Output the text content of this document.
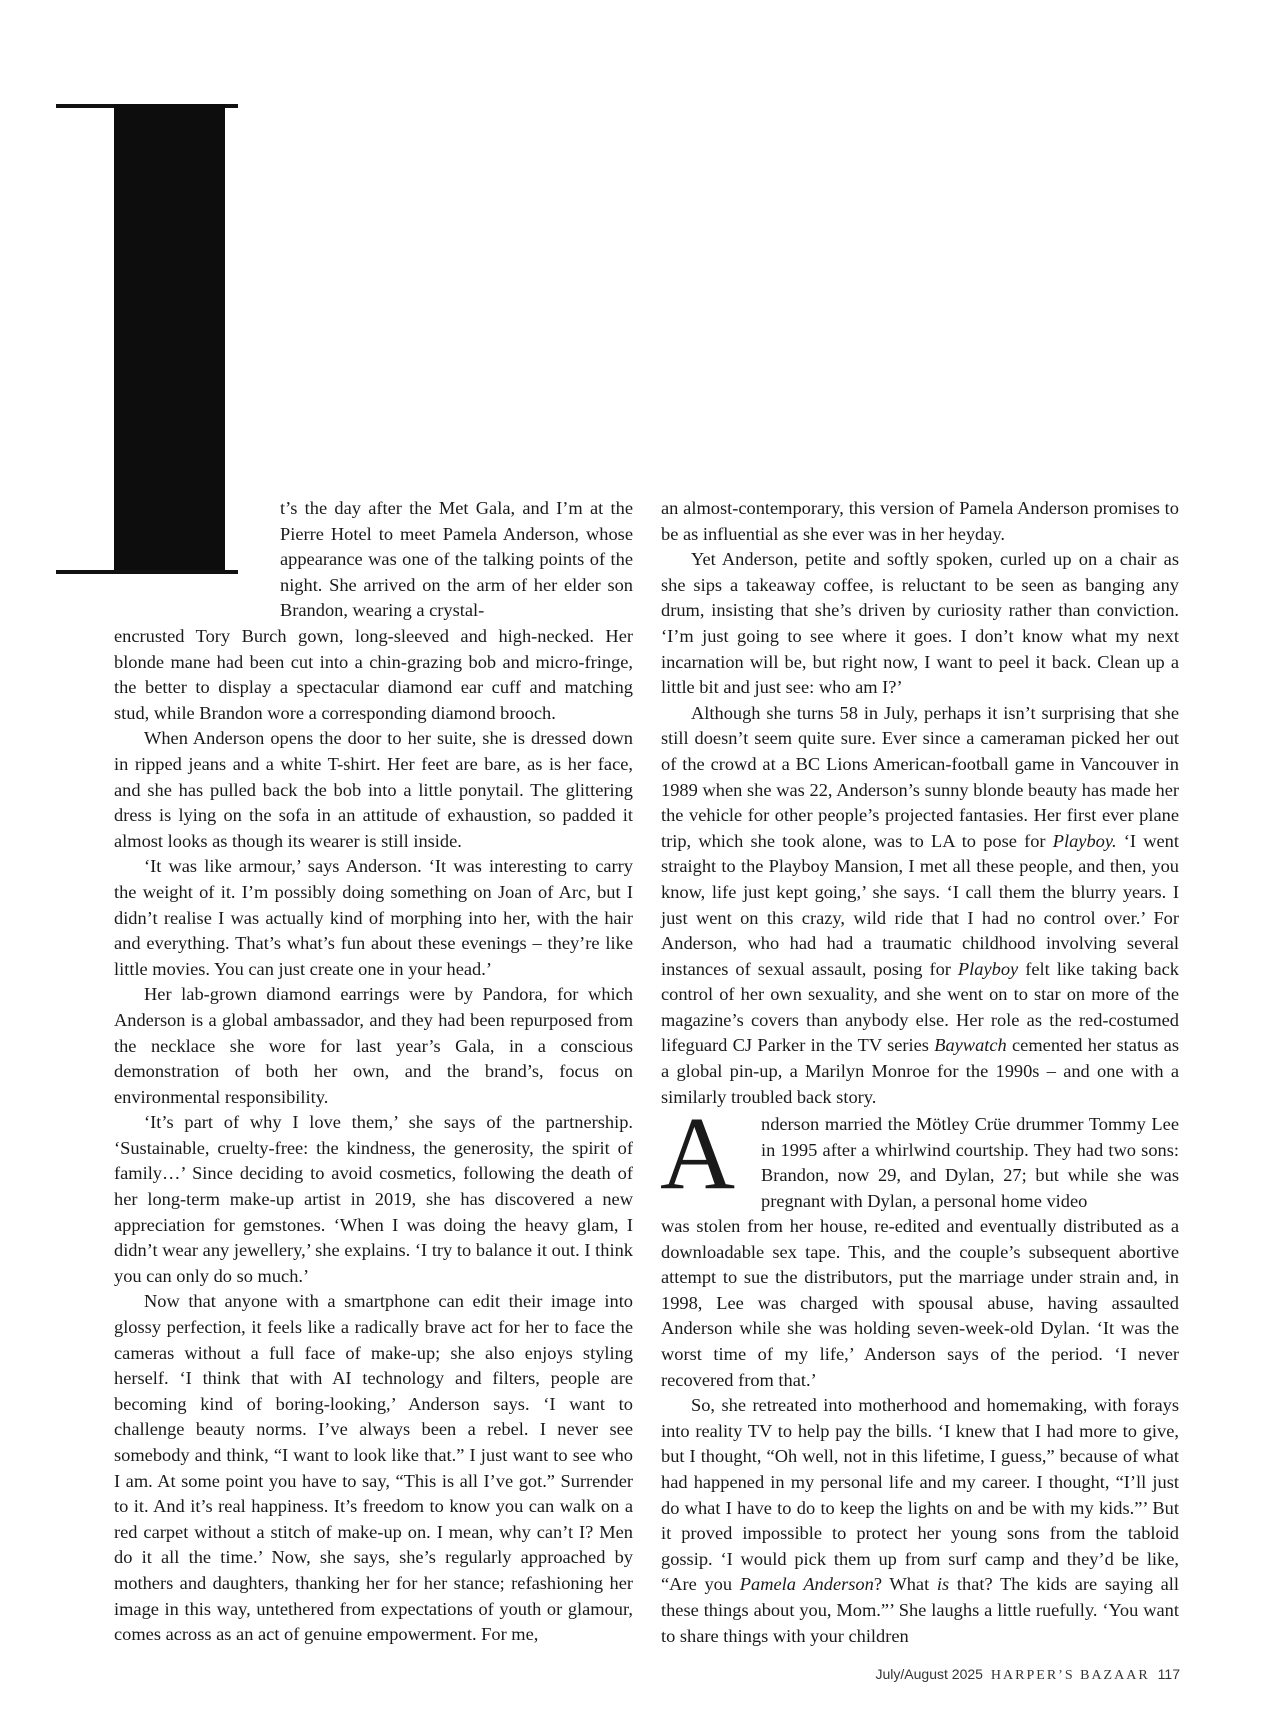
t’s the day after the Met Gala, and I’m at the Pierre Hotel to meet Pamela Anderson, whose appearance was one of the talking points of the night. She arrived on the arm of her elder son Brandon, wearing a crystal-

encrusted Tory Burch gown, long-sleeved and high-necked. Her blonde mane had been cut into a chin-grazing bob and micro-fringe, the better to display a spectacular diamond ear cuff and matching stud, while Brandon wore a corresponding diamond brooch.

When Anderson opens the door to her suite, she is dressed down in ripped jeans and a white T-shirt. Her feet are bare, as is her face, and she has pulled back the bob into a little ponytail. The glittering dress is lying on the sofa in an attitude of exhaustion, so padded it almost looks as though its wearer is still inside.

‘It was like armour,’ says Anderson. ‘It was interesting to carry the weight of it. I’m possibly doing something on Joan of Arc, but I didn’t realise I was actually kind of morphing into her, with the hair and everything. That’s what’s fun about these evenings – they’re like little movies. You can just create one in your head.’

Her lab-grown diamond earrings were by Pandora, for which Anderson is a global ambassador, and they had been repurposed from the necklace she wore for last year’s Gala, in a conscious demonstration of both her own, and the brand’s, focus on environmental responsibility.

‘It’s part of why I love them,’ she says of the partnership. ‘Sustainable, cruelty-free: the kindness, the generosity, the spirit of family…’ Since deciding to avoid cosmetics, following the death of her long-term make-up artist in 2019, she has discovered a new appreciation for gemstones. ‘When I was doing the heavy glam, I didn’t wear any jewellery,’ she explains. ‘I try to balance it out. I think you can only do so much.’

Now that anyone with a smartphone can edit their image into glossy perfection, it feels like a radically brave act for her to face the cameras without a full face of make-up; she also enjoys styling herself. ‘I think that with AI technology and filters, people are becoming kind of boring-looking,’ Anderson says. ‘I want to challenge beauty norms. I’ve always been a rebel. I never see somebody and think, “I want to look like that.” I just want to see who I am. At some point you have to say, “This is all I’ve got.” Surrender to it. And it’s real happiness. It’s freedom to know you can walk on a red carpet without a stitch of make-up on. I mean, why can’t I? Men do it all the time.’ Now, she says, she’s regularly approached by mothers and daughters, thanking her for her stance; refashioning her image in this way, untethered from expectations of youth or glamour, comes across as an act of genuine empowerment. For me,

an almost-contemporary, this version of Pamela Anderson promises to be as influential as she ever was in her heyday.

Yet Anderson, petite and softly spoken, curled up on a chair as she sips a takeaway coffee, is reluctant to be seen as banging any drum, insisting that she’s driven by curiosity rather than conviction. ‘I’m just going to see where it goes. I don’t know what my next incarnation will be, but right now, I want to peel it back. Clean up a little bit and just see: who am I?’

Although she turns 58 in July, perhaps it isn’t surprising that she still doesn’t seem quite sure. Ever since a cameraman picked her out of the crowd at a BC Lions American-football game in Vancouver in 1989 when she was 22, Anderson’s sunny blonde beauty has made her the vehicle for other people’s projected fantasies. Her first ever plane trip, which she took alone, was to LA to pose for Playboy. ‘I went straight to the Playboy Mansion, I met all these people, and then, you know, life just kept going,’ she says. ‘I call them the blurry years. I just went on this crazy, wild ride that I had no control over.’ For Anderson, who had had a traumatic childhood involving several instances of sexual assault, posing for Playboy felt like taking back control of her own sexuality, and she went on to star on more of the magazine’s covers than anybody else. Her role as the red-costumed lifeguard CJ Parker in the TV series Baywatch cemented her status as a global pin-up, a Marilyn Monroe for the 1990s – and one with a similarly troubled back story.

A	nderson married the Mötley Crüe drummer Tommy Lee in 1995 after a whirlwind courtship. They had two sons: Brandon, now 29, and Dylan, 27; but while she was pregnant with Dylan, a personal home video

was stolen from her house, re-edited and eventually distributed as a downloadable sex tape. This, and the couple’s subsequent abortive attempt to sue the distributors, put the marriage under strain and, in 1998, Lee was charged with spousal abuse, having assaulted Anderson while she was holding seven-week-old Dylan. ‘It was the worst time of my life,’ Anderson says of the period. ‘I never recovered from that.’

So, she retreated into motherhood and homemaking, with forays into reality TV to help pay the bills. ‘I knew that I had more to give, but I thought, “Oh well, not in this lifetime, I guess,” because of what had happened in my personal life and my career. I thought, “I’ll just do what I have to do to keep the lights on and be with my kids.”’ But it proved impossible to protect her young sons from the tabloid gossip. ‘I would pick them up from surf camp and they’d be like, “Are you Pamela Anderson? What is that? The kids are saying all these things about you, Mom.”’ She laughs a little ruefully. ‘You want to share things with your children

July/August 2025 HARPER’S BAZAAR 117
